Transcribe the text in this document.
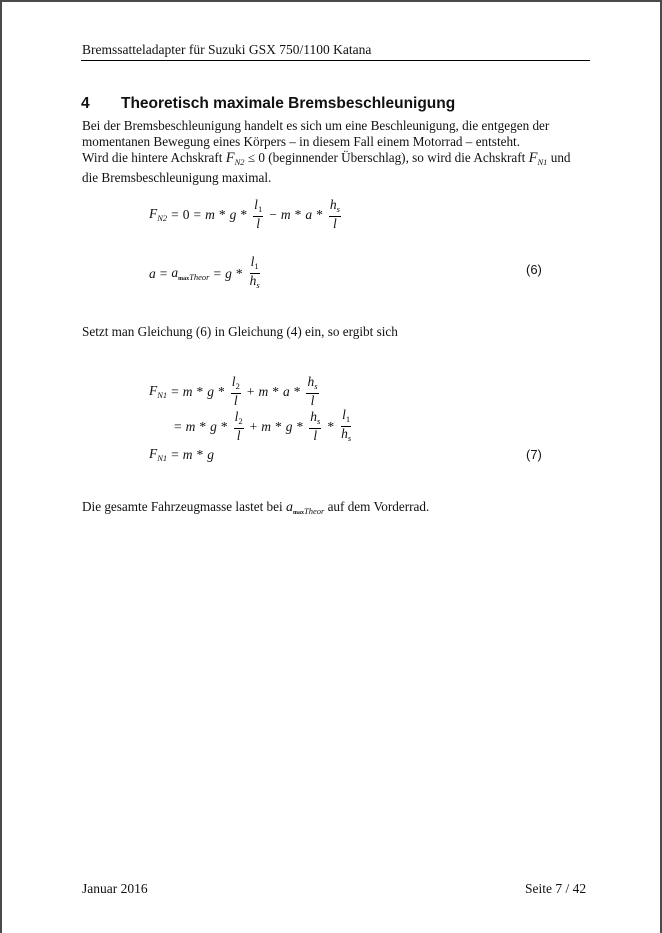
Bremssatteladapter für Suzuki GSX 750/1100 Katana
4 Theoretisch maximale Bremsbeschleunigung
Bei der Bremsbeschleunigung handelt es sich um eine Beschleunigung, die entgegen der
momentanen Bewegung eines Körpers – in diesem Fall einem Motorrad – entsteht.
Wird die hintere Achskraft $F_{N2} \le 0$ (beginnender Überschlag), so wird die Achskraft $F_{N1}$ und
die Bremsbeschleunigung maximal.
$F_{N2} = 0 = m * g * \frac{l_1}{l} - m * a * \frac{h_s}{l}$
$a = a_{maxTheor} = g * \frac{l_1}{h_s}$	(6)
Setzt man Gleichung (6) in Gleichung (4) ein, so ergibt sich
$F_{N1} = m * g * \frac{l_2}{l} + m * a * \frac{h_s}{l}$
= $m * g * \frac{l_2}{l} + m * g * \frac{h_s}{l} * \frac{l_1}{h_s}$
$F_{N1} = m * g$	(7)
Die gesamte Fahrzeugmasse lastet bei $a_{maxTheor}$ auf dem Vorderrad.
Januar 2016	Seite 7 / 42
